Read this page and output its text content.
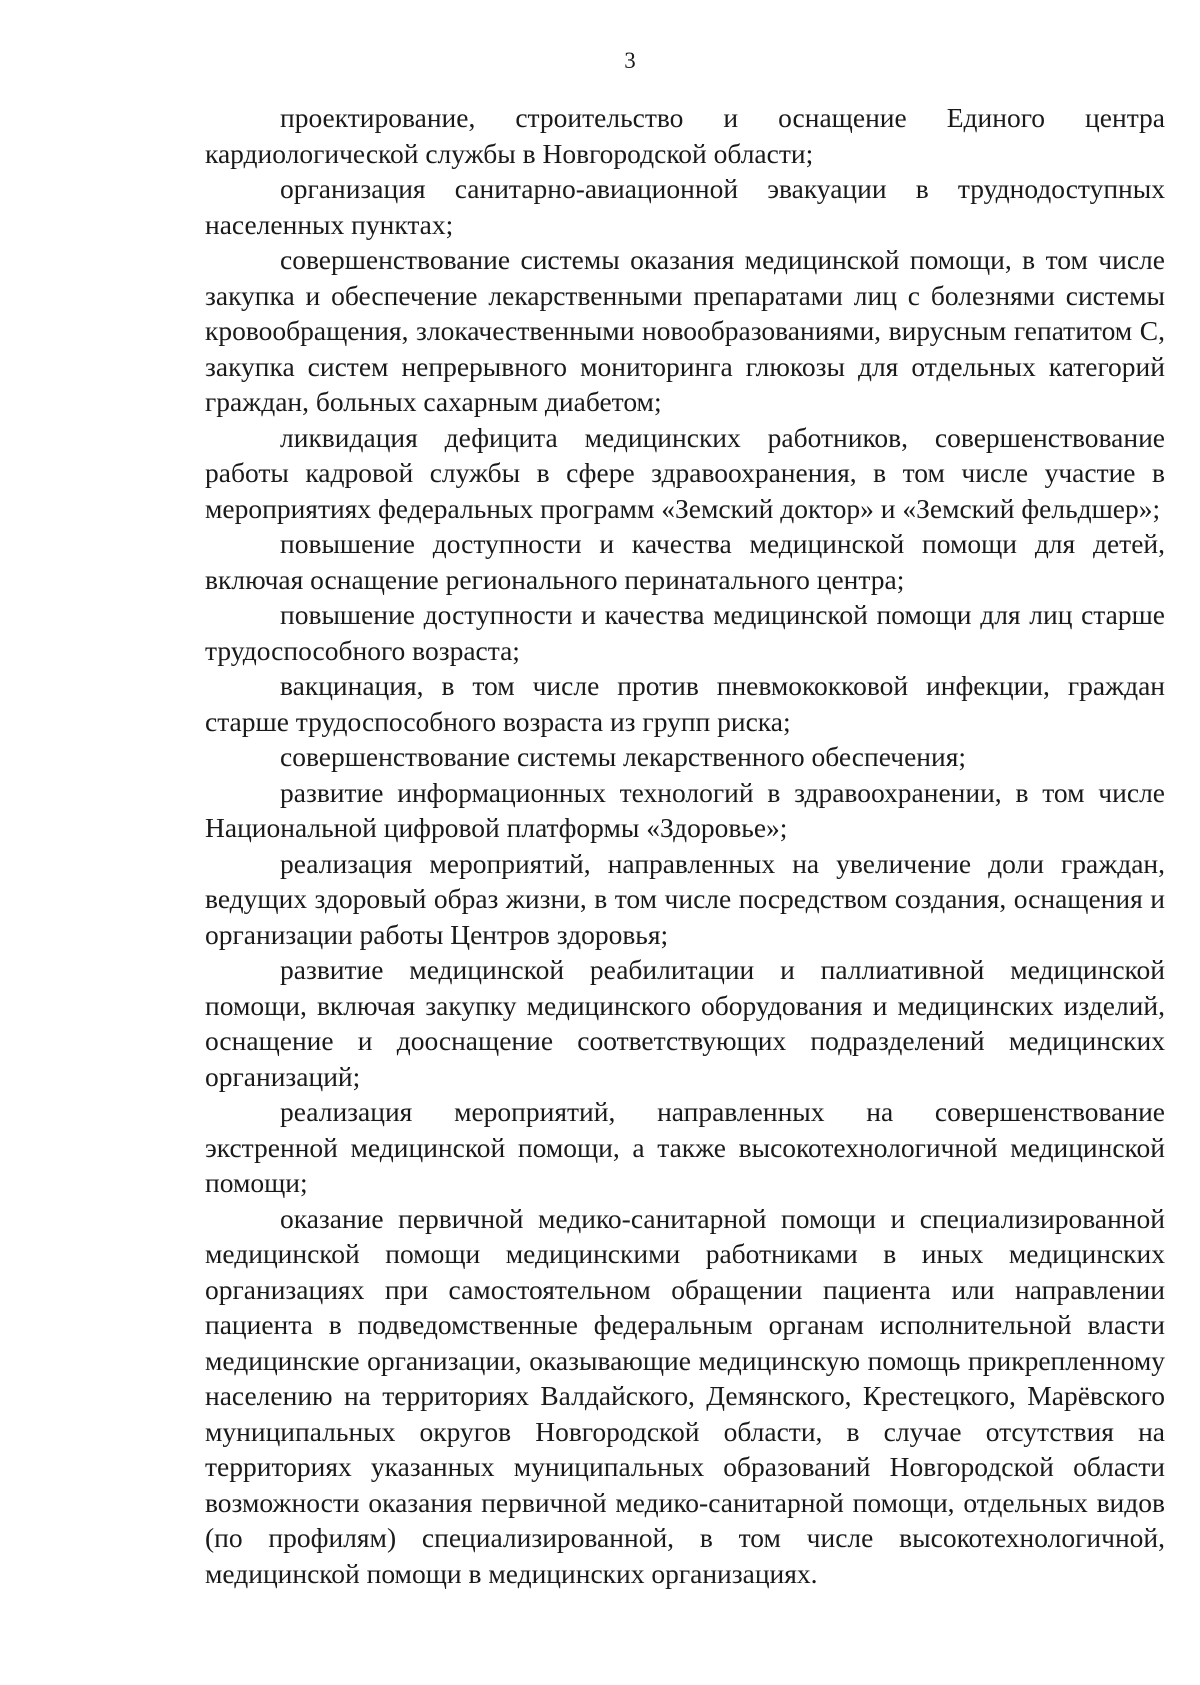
3

проектирование, строительство и оснащение Единого центра кардиологической службы в Новгородской области;

организация санитарно-авиационной эвакуации в труднодоступных населенных пунктах;

совершенствование системы оказания медицинской помощи, в том числе закупка и обеспечение лекарственными препаратами лиц с болезнями системы кровообращения, злокачественными новообразованиями, вирусным гепатитом С, закупка систем непрерывного мониторинга глюкозы для отдельных категорий граждан, больных сахарным диабетом;

ликвидация дефицита медицинских работников, совершенствование работы кадровой службы в сфере здравоохранения, в том числе участие в мероприятиях федеральных программ «Земский доктор» и «Земский фельдшер»;

повышение доступности и качества медицинской помощи для детей, включая оснащение регионального перинатального центра;

повышение доступности и качества медицинской помощи для лиц старше трудоспособного возраста;

вакцинация, в том числе против пневмококковой инфекции, граждан старше трудоспособного возраста из групп риска;

совершенствование системы лекарственного обеспечения;

развитие информационных технологий в здравоохранении, в том числе Национальной цифровой платформы «Здоровье»;

реализация мероприятий, направленных на увеличение доли граждан, ведущих здоровый образ жизни, в том числе посредством создания, оснащения и организации работы Центров здоровья;

развитие медицинской реабилитации и паллиативной медицинской помощи, включая закупку медицинского оборудования и медицинских изделий, оснащение и дооснащение соответствующих подразделений медицинских организаций;

реализация мероприятий, направленных на совершенствование экстренной медицинской помощи, а также высокотехнологичной медицинской помощи;

оказание первичной медико-санитарной помощи и специализированной медицинской помощи медицинскими работниками в иных медицинских организациях при самостоятельном обращении пациента или направлении пациента в подведомственные федеральным органам исполнительной власти медицинские организации, оказывающие медицинскую помощь прикрепленному населению на территориях Валдайского, Демянского, Крестецкого, Марёвского муниципальных округов Новгородской области, в случае отсутствия на территориях указанных муниципальных образований Новгородской области возможности оказания первичной медико-санитарной помощи, отдельных видов (по профилям) специализированной, в том числе высокотехнологичной, медицинской помощи в медицинских организациях.
